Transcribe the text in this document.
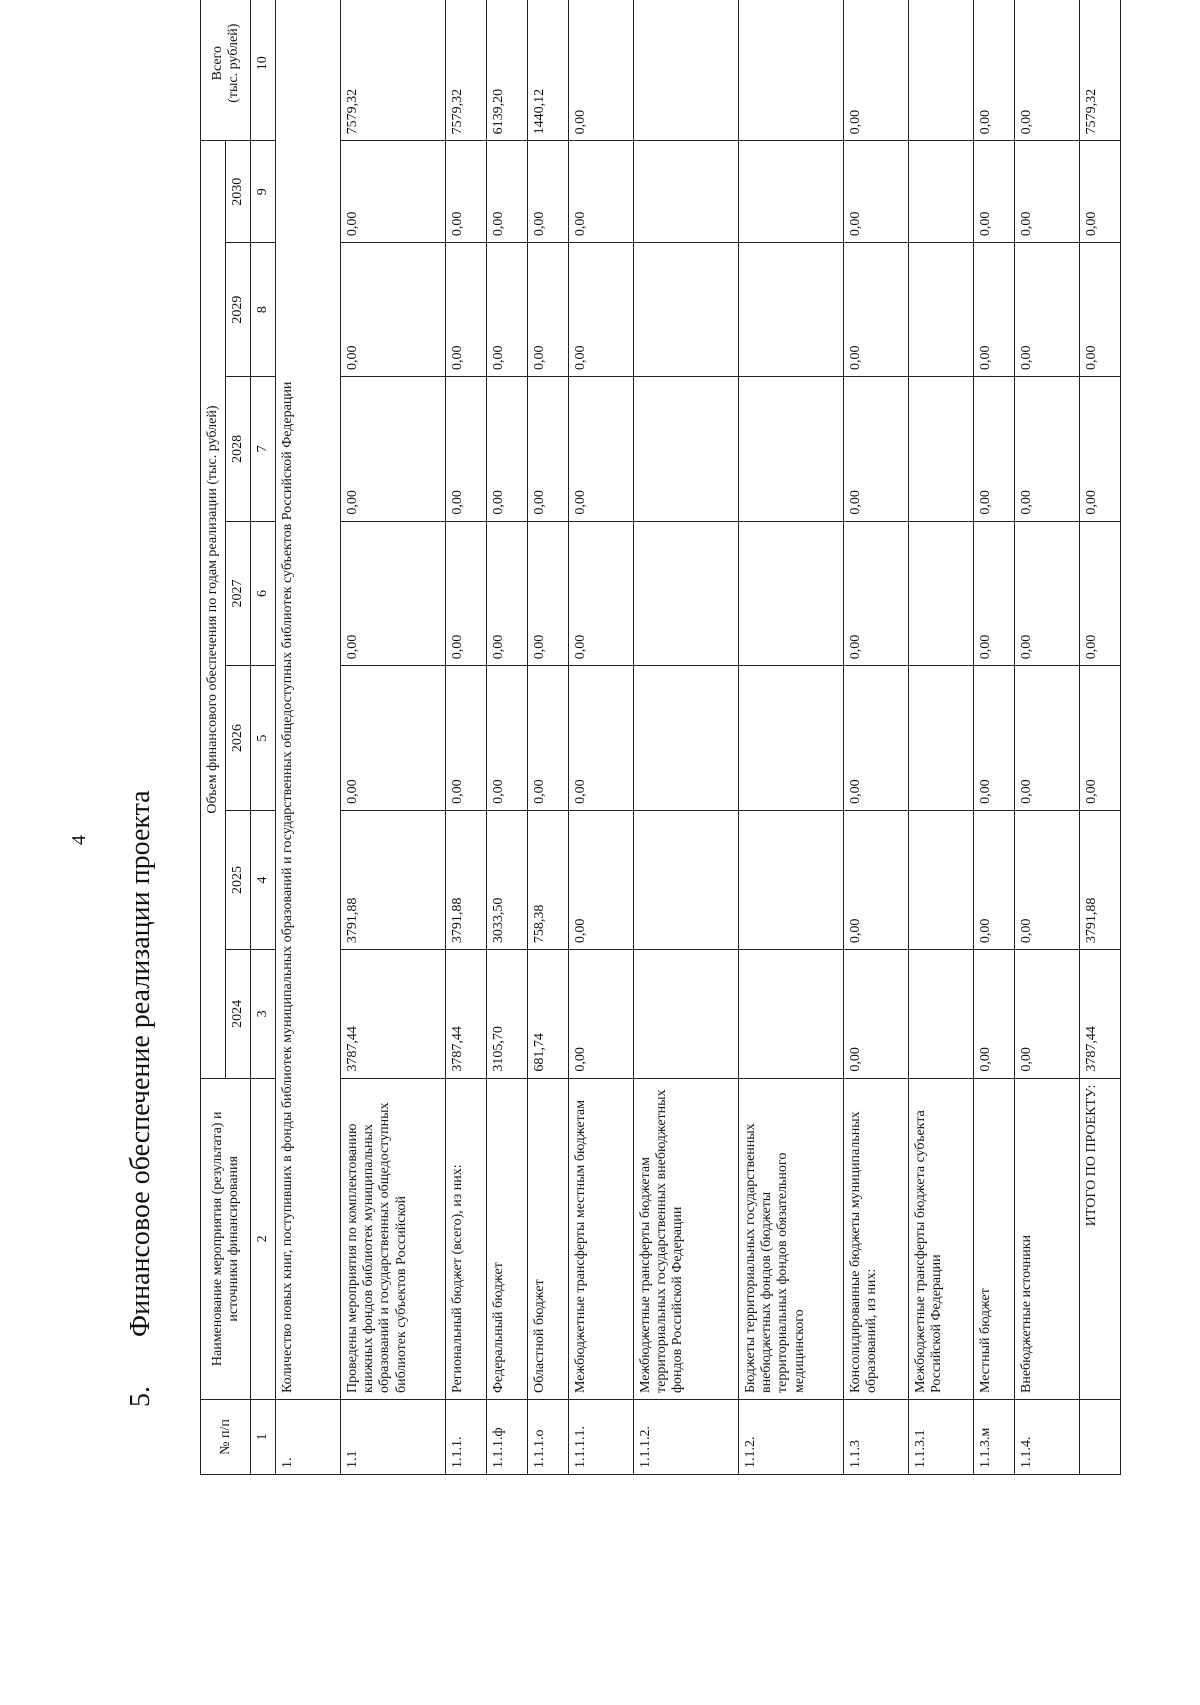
4
5. Финансовое обеспечение реализации проекта
№ п/п	Наименование мероприятия (результата) и источники финансирования	Объем финансового обеспечения по годам реализации (тыс. рублей)							Всего (тыс. рублей)

		2024	2025	2026	2027	2028	2029	2030	
1	2	3	4	5	6	7	8	9	10
1.	Количество новых книг, поступивших в фонды библиотек муниципальных образований и государственных общедоступных библиотек субъектов Российской Федерации								
1.1	Проведены мероприятия по комплектованию книжных фондов библиотек муниципальных образований и государственных общедоступных библиотек субъектов Российской	3787,44	3791,88	0,00	0,00	0,00	0,00	0,00	7579,32
1.1.1.	Региональный бюджет (всего), из них:	3787,44	3791,88	0,00	0,00	0,00	0,00	0,00	7579,32
1.1.1.ф	Федеральный бюджет	3105,70	3033,50	0,00	0,00	0,00	0,00	0,00	6139,20
1.1.1.о	Областной бюджет	681,74	758,38	0,00	0,00	0,00	0,00	0,00	1440,12
1.1.1.1.	Межбюджетные трансферты местным бюджетам	0,00	0,00	0,00	0,00	0,00	0,00	0,00	0,00
1.1.1.2.	Межбюджетные трансферты бюджетам территориальных государственных внебюджетных фондов Российской Федерации								
1.1.2.	Бюджеты территориальных государственных внебюджетных фондов (бюджеты территориальных фондов обязательного медицинского								
1.1.3	Консолидированные бюджеты муниципальных образований, из них:	0,00	0,00	0,00	0,00	0,00	0,00	0,00	0,00
1.1.3.1	Межбюджетные трансферты бюджета субъекта Российской Федерации								
1.1.3.м	Местный бюджет	0,00	0,00	0,00	0,00	0,00	0,00	0,00	0,00
1.1.4.	Внебюджетные источники	0,00	0,00	0,00	0,00	0,00	0,00	0,00	0,00
	ИТОГО ПО ПРОЕКТУ:	3787,44	3791,88	0,00	0,00	0,00	0,00	0,00	7579,32
